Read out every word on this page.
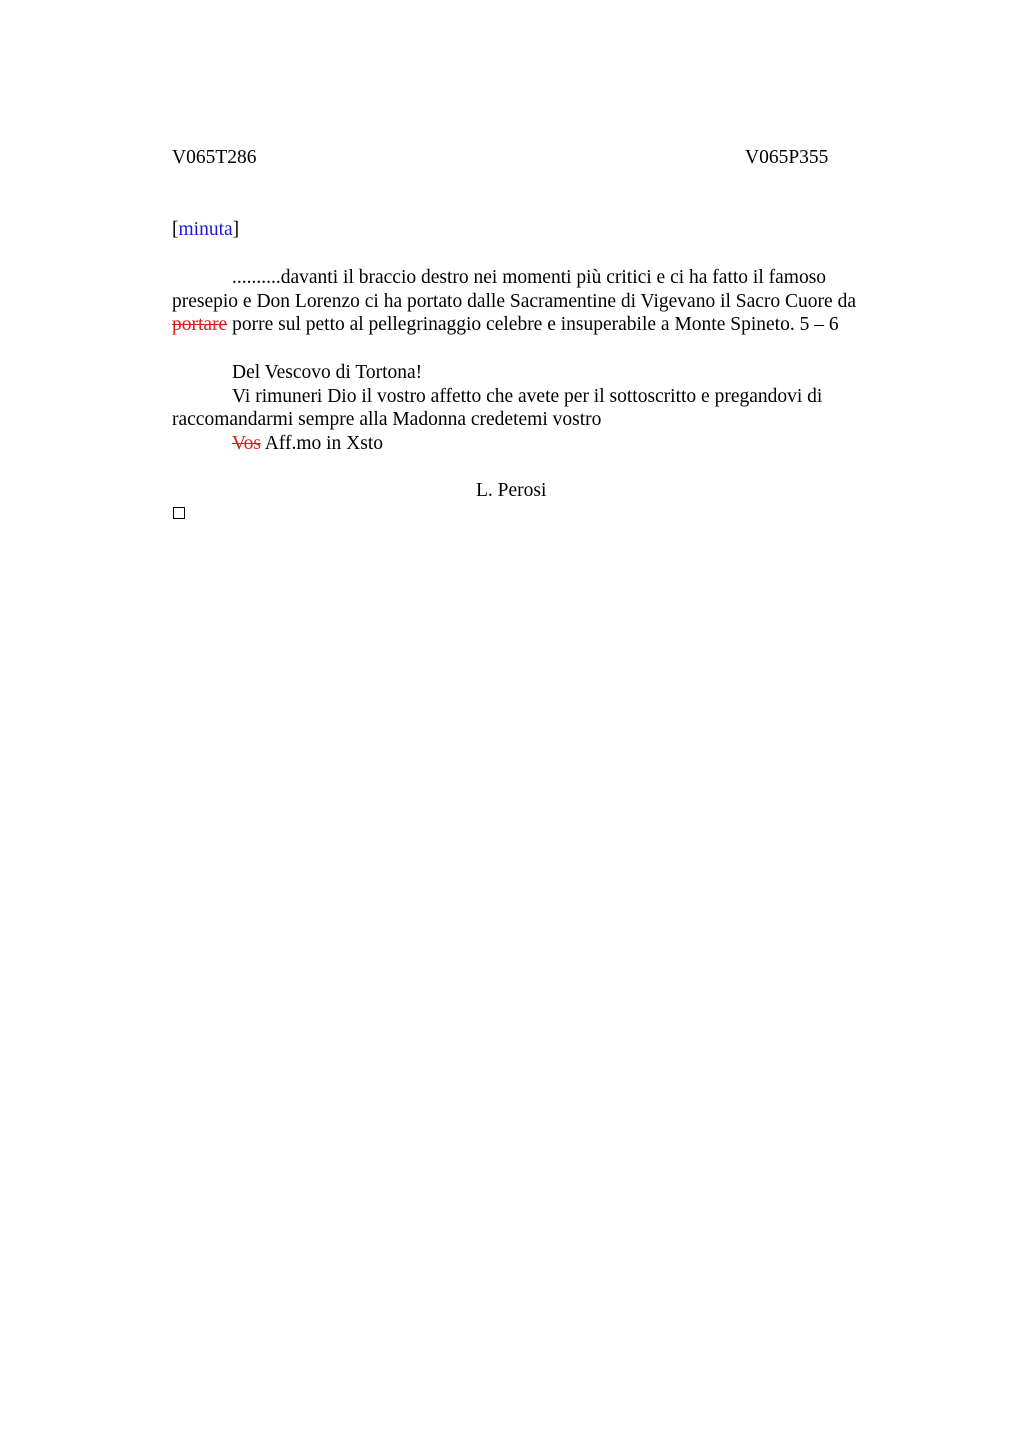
V065T286	V065P355
[minuta]
..........davanti il braccio destro nei momenti più critici e ci ha fatto il famoso
presepio e Don Lorenzo ci ha portato dalle Sacramentine di Vigevano il Sacro Cuore da
portare porre sul petto al pellegrinaggio celebre e insuperabile a Monte Spineto. 5 – 6
Del Vescovo di Tortona!
Vi rimuneri Dio il vostro affetto che avete per il sottoscritto e pregandovi di
raccomandarmi sempre alla Madonna credetemi vostro
Vos Aff.mo in Xsto
L. Perosi
